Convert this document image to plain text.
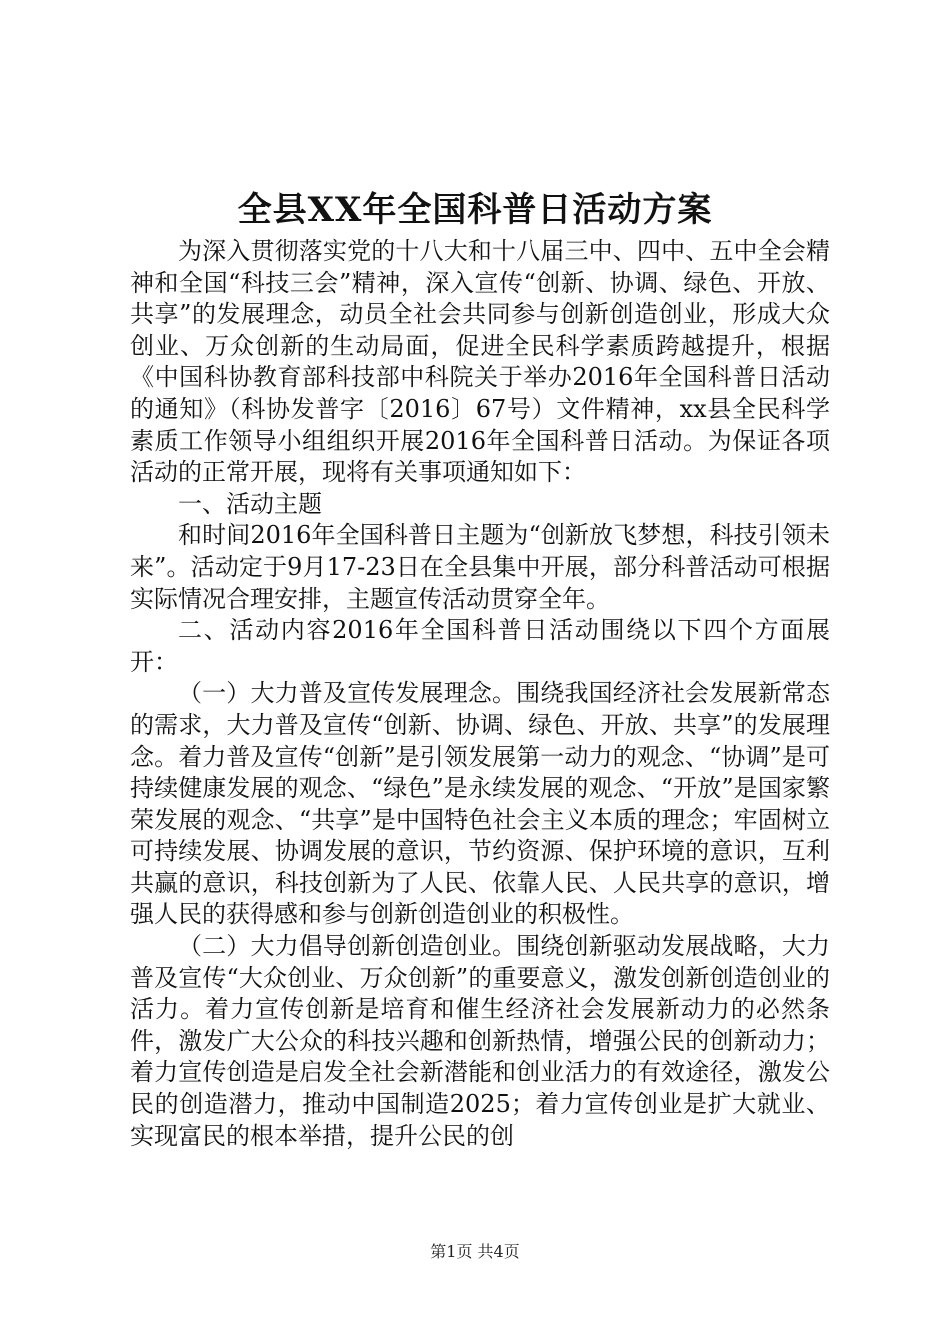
全县XX年全国科普日活动方案

为深入贯彻落实党的十八大和十八届三中、四中、五中全会精神和全国“科技三会”精神，深入宣传“创新、协调、绿色、开放、共享”的发展理念，动员全社会共同参与创新创造创业，形成大众创业、万众创新的生动局面，促进全民科学素质跨越提升，根据《中国科协教育部科技部中科院关于举办2016年全国科普日活动的通知》（科协发普字〔2016〕67号）文件精神，xx县全民科学素质工作领导小组组织开展2016年全国科普日活动。为保证各项活动的正常开展，现将有关事项通知如下：

一、活动主题

和时间2016年全国科普日主题为“创新放飞梦想，科技引领未来”。活动定于9月17-23日在全县集中开展，部分科普活动可根据实际情况合理安排，主题宣传活动贯穿全年。

二、活动内容2016年全国科普日活动围绕以下四个方面展开：

（一）大力普及宣传发展理念。围绕我国经济社会发展新常态的需求，大力普及宣传“创新、协调、绿色、开放、共享”的发展理念。着力普及宣传“创新”是引领发展第一动力的观念、“协调”是可持续健康发展的观念、“绿色”是永续发展的观念、“开放”是国家繁荣发展的观念、“共享”是中国特色社会主义本质的理念；牢固树立可持续发展、协调发展的意识，节约资源、保护环境的意识，互利共赢的意识，科技创新为了人民、依靠人民、人民共享的意识，增强人民的获得感和参与创新创造创业的积极性。

（二）大力倡导创新创造创业。围绕创新驱动发展战略，大力普及宣传“大众创业、万众创新”的重要意义，激发创新创造创业的活力。着力宣传创新是培育和催生经济社会发展新动力的必然条件，激发广大公众的科技兴趣和创新热情，增强公民的创新动力；着力宣传创造是启发全社会新潜能和创业活力的有效途径，激发公民的创造潜力，推动中国制造2025；着力宣传创业是扩大就业、实现富民的根本举措，提升公民的创

第1页 共4页
